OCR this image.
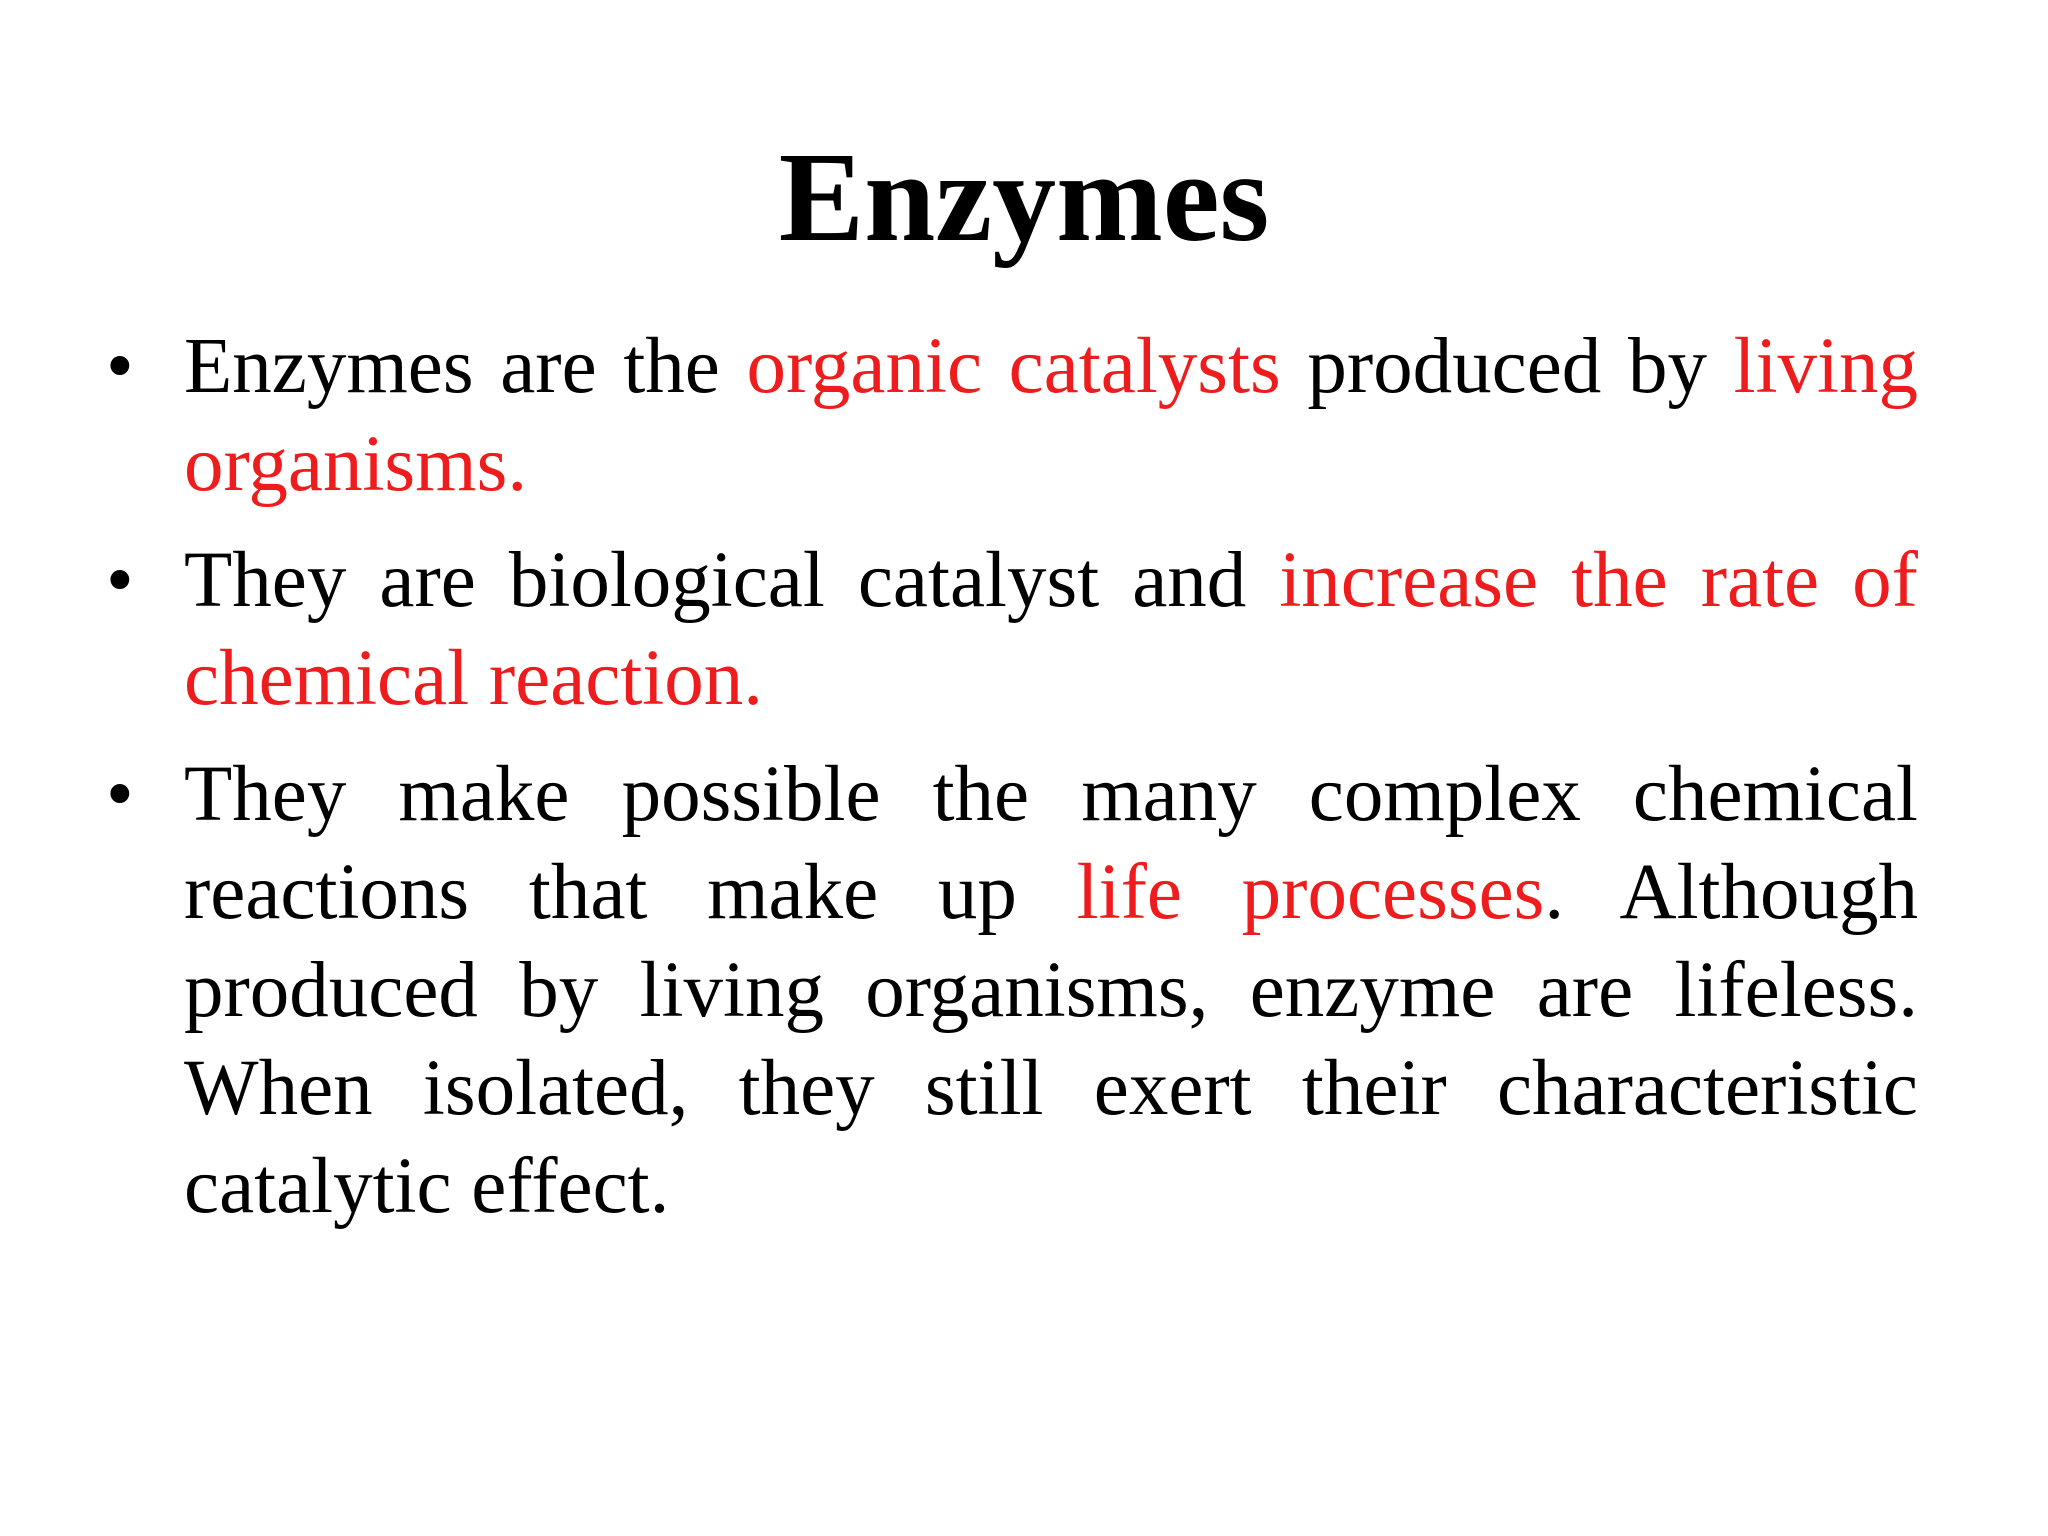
Enzymes
• Enzymes are the organic catalysts produced by living organisms.
• They are biological catalyst and increase the rate of chemical reaction.
• They make possible the many complex chemical reactions that make up life processes. Although produced by living organisms, enzyme are lifeless. When isolated, they still exert their characteristic catalytic effect.
